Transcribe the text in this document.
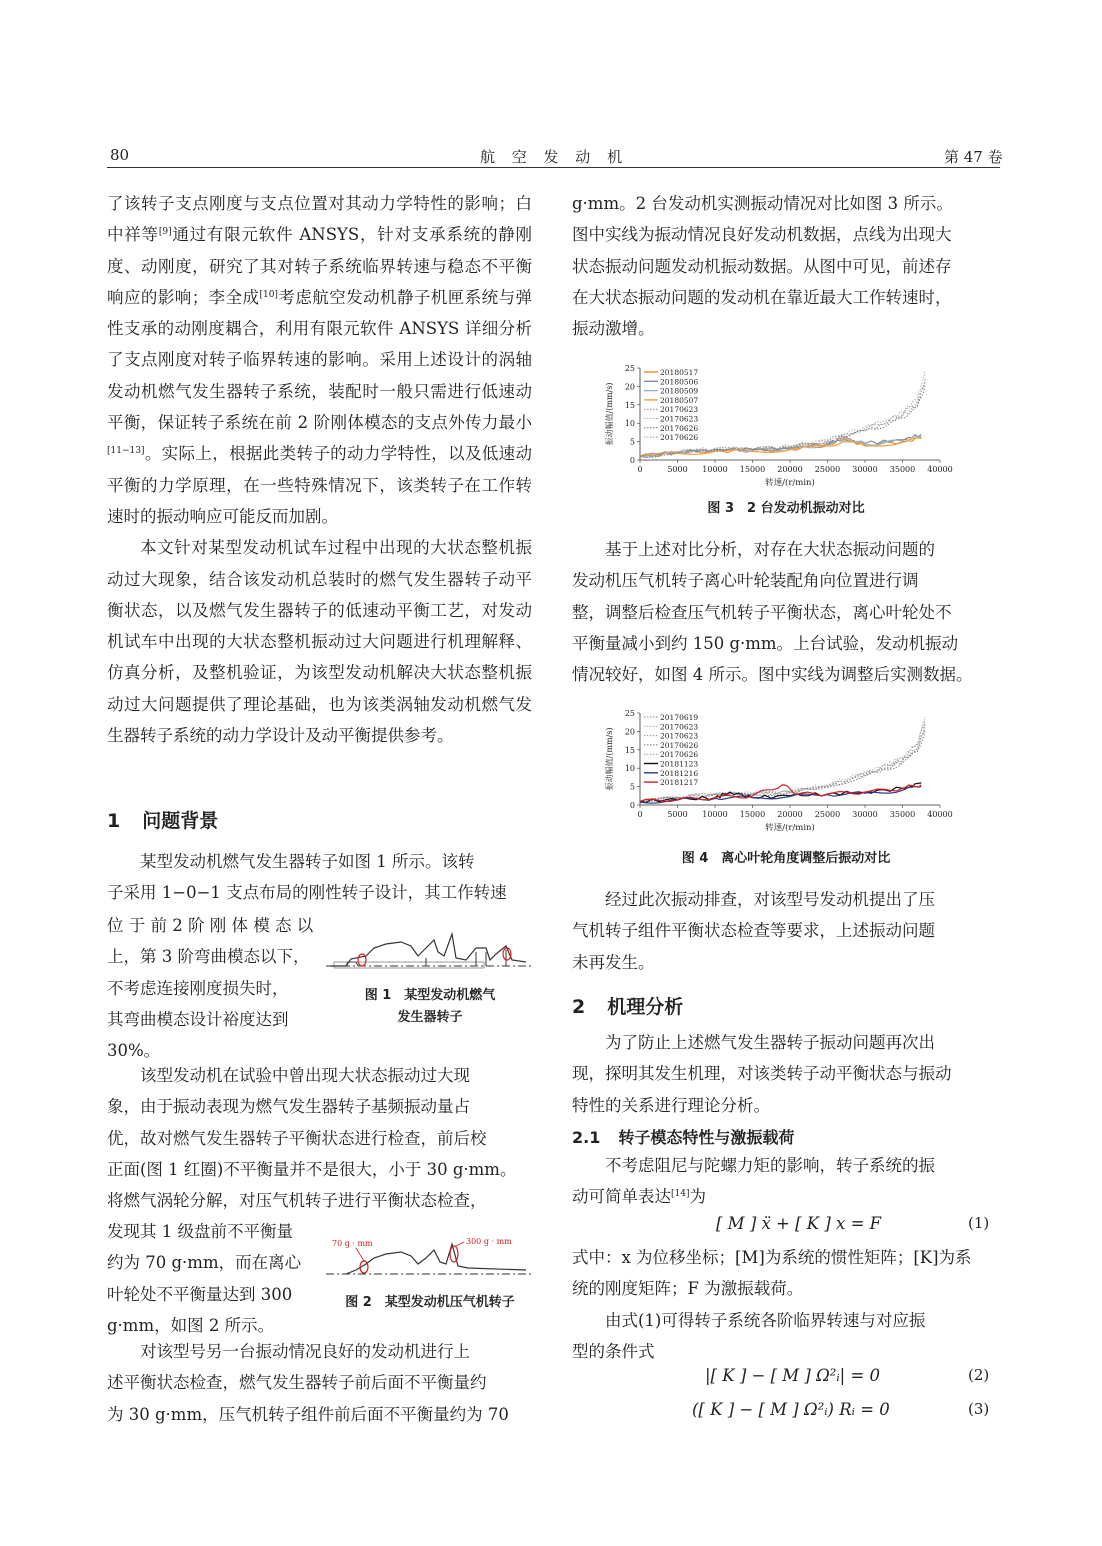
80	航 空 发 动 机	第 47 卷

了该转子支点刚度与支点位置对其动力学特性的影响；白中祥等[9]通过有限元软件 ANSYS，针对支承系统的静刚度、动刚度，研究了其对转子系统临界转速与稳态不平衡响应的影响；李全成[10]考虑航空发动机静子机匣系统与弹性支承的动刚度耦合，利用有限元软件 ANSYS 详细分析了支点刚度对转子临界转速的影响。采用上述设计的涡轴发动机燃气发生器转子系统，装配时一般只需进行低速动平衡，保证转子系统在前 2 阶刚体模态的支点外传力最小[11−13]。实际上，根据此类转子的动力学特性，以及低速动平衡的力学原理，在一些特殊情况下，该类转子在工作转速时的振动响应可能反而加剧。

本文针对某型发动机试车过程中出现的大状态整机振动过大现象，结合该发动机总装时的燃气发生器转子动平衡状态，以及燃气发生器转子的低速动平衡工艺，对发动机试车中出现的大状态整机振动过大问题进行机理解释、仿真分析，及整机验证，为该型发动机解决大状态整机振动过大问题提供了理论基础，也为该类涡轴发动机燃气发生器转子系统的动力学设计及动平衡提供参考。

1 问题背景

某型发动机燃气发生器转子如图 1 所示。该转

子采用 1−0−1 支点布局的刚性转子设计，其工作转速

位 于 前 2 阶 刚 体 模 态 以

上，第 3 阶弯曲模态以下，

不考虑连接刚度损失时，

其弯曲模态设计裕度达到

30%。

图 1　某型发动机燃气
发生器转子

该型发动机在试验中曾出现大状态振动过大现

象，由于振动表现为燃气发生器转子基频振动量占

优，故对燃气发生器转子平衡状态进行检查，前后校

正面(图 1 红圈)不平衡量并不是很大，小于 30 g·mm。

将燃气涡轮分解，对压气机转子进行平衡状态检查，

发现其 1 级盘前不平衡量

约为 70 g·mm，而在离心

叶轮处不平衡量达到 300

g·mm，如图 2 所示。

70 g · mm	300 g · mm
图 2　某型发动机压气机转子

对该型号另一台振动情况良好的发动机进行上

述平衡状态检查，燃气发生器转子前后面不平衡量约

为 30 g·mm，压气机转子组件前后面不平衡量约为 70

g·mm。2 台发动机实测振动情况对比如图 3 所示。

图中实线为振动情况良好发动机数据，点线为出现大

状态振动问题发动机振动数据。从图中可见，前述存

在大状态振动问题的发动机在靠近最大工作转速时，

振动激增。

0
5
10
15
20
25
0	5000 10000 15000 20000 25000 30000 35000 40000
转速/(r/min)
振动幅值/(mm/s)
20180517
20180506
20180509
20180507
20170623
20170623
20170626
20170626
图 3　2 台发动机振动对比

基于上述对比分析，对存在大状态振动问题的

发动机压气机转子离心叶轮装配角向位置进行调

整，调整后检查压气机转子平衡状态，离心叶轮处不

平衡量减小到约 150 g·mm。上台试验，发动机振动

情况较好，如图 4 所示。图中实线为调整后实测数据。

0
5
10
15
20
25
0	5000 10000 15000 20000 25000 30000 35000 40000
转速/(r/min)
振动幅值/(mm/s)
20170619
20170623
20170623
20170626
20170626
20181123
20181216
20181217
图 4　离心叶轮角度调整后振动对比

经过此次振动排查，对该型号发动机提出了压

气机转子组件平衡状态检查等要求，上述振动问题

未再发生。

2 机理分析

为了防止上述燃气发生器转子振动问题再次出

现，探明其发生机理，对该类转子动平衡状态与振动

特性的关系进行理论分析。

2.1 转子模态特性与激振载荷

不考虑阻尼与陀螺力矩的影响，转子系统的振

动可简单表达[14]为

[ M ] ẍ + [ K ] x = F	(1)

式中：x 为位移坐标；[M]为系统的惯性矩阵；[K]为系

统的刚度矩阵；F 为激振载荷。

由式(1)可得转子系统各阶临界转速与对应振

型的条件式

|[ K ] − [ M ] Ω²ᵢ| = 0	(2)
([ K ] − [ M ] Ω²ᵢ) Rᵢ = 0	(3)
